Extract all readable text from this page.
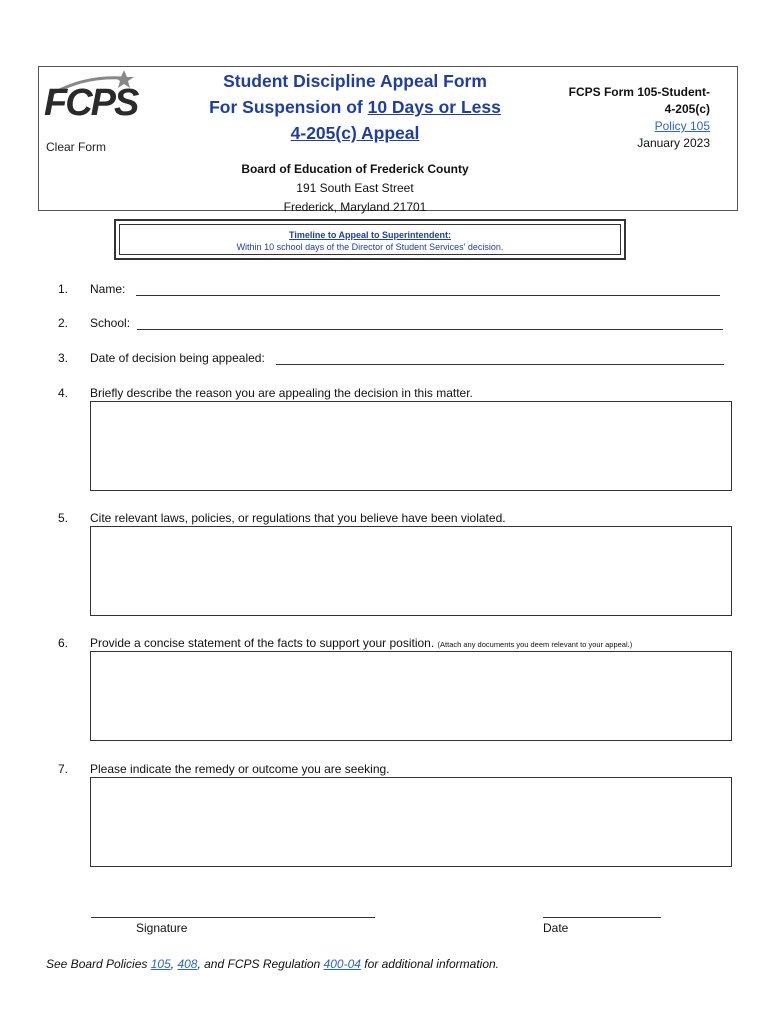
FCPS
Clear Form
Student Discipline Appeal Form
For Suspension of 10 Days or Less
4-205(c) Appeal
FCPS Form 105-Student-
4-205(c)
Policy 105
January 2023
Board of Education of Frederick County
191 South East Street
Frederick, Maryland 21701
Timeline to Appeal to Superintendent:
Within 10 school days of the Director of Student Services' decision.
1. Name:
2. School:
3. Date of decision being appealed:
4. Briefly describe the reason you are appealing the decision in this matter.
5. Cite relevant laws, policies, or regulations that you believe have been violated.
6. Provide a concise statement of the facts to support your position. (Attach any documents you deem relevant to your appeal.)
7. Please indicate the remedy or outcome you are seeking.
Signature	Date
See Board Policies 105, 408, and FCPS Regulation 400-04 for additional information.
